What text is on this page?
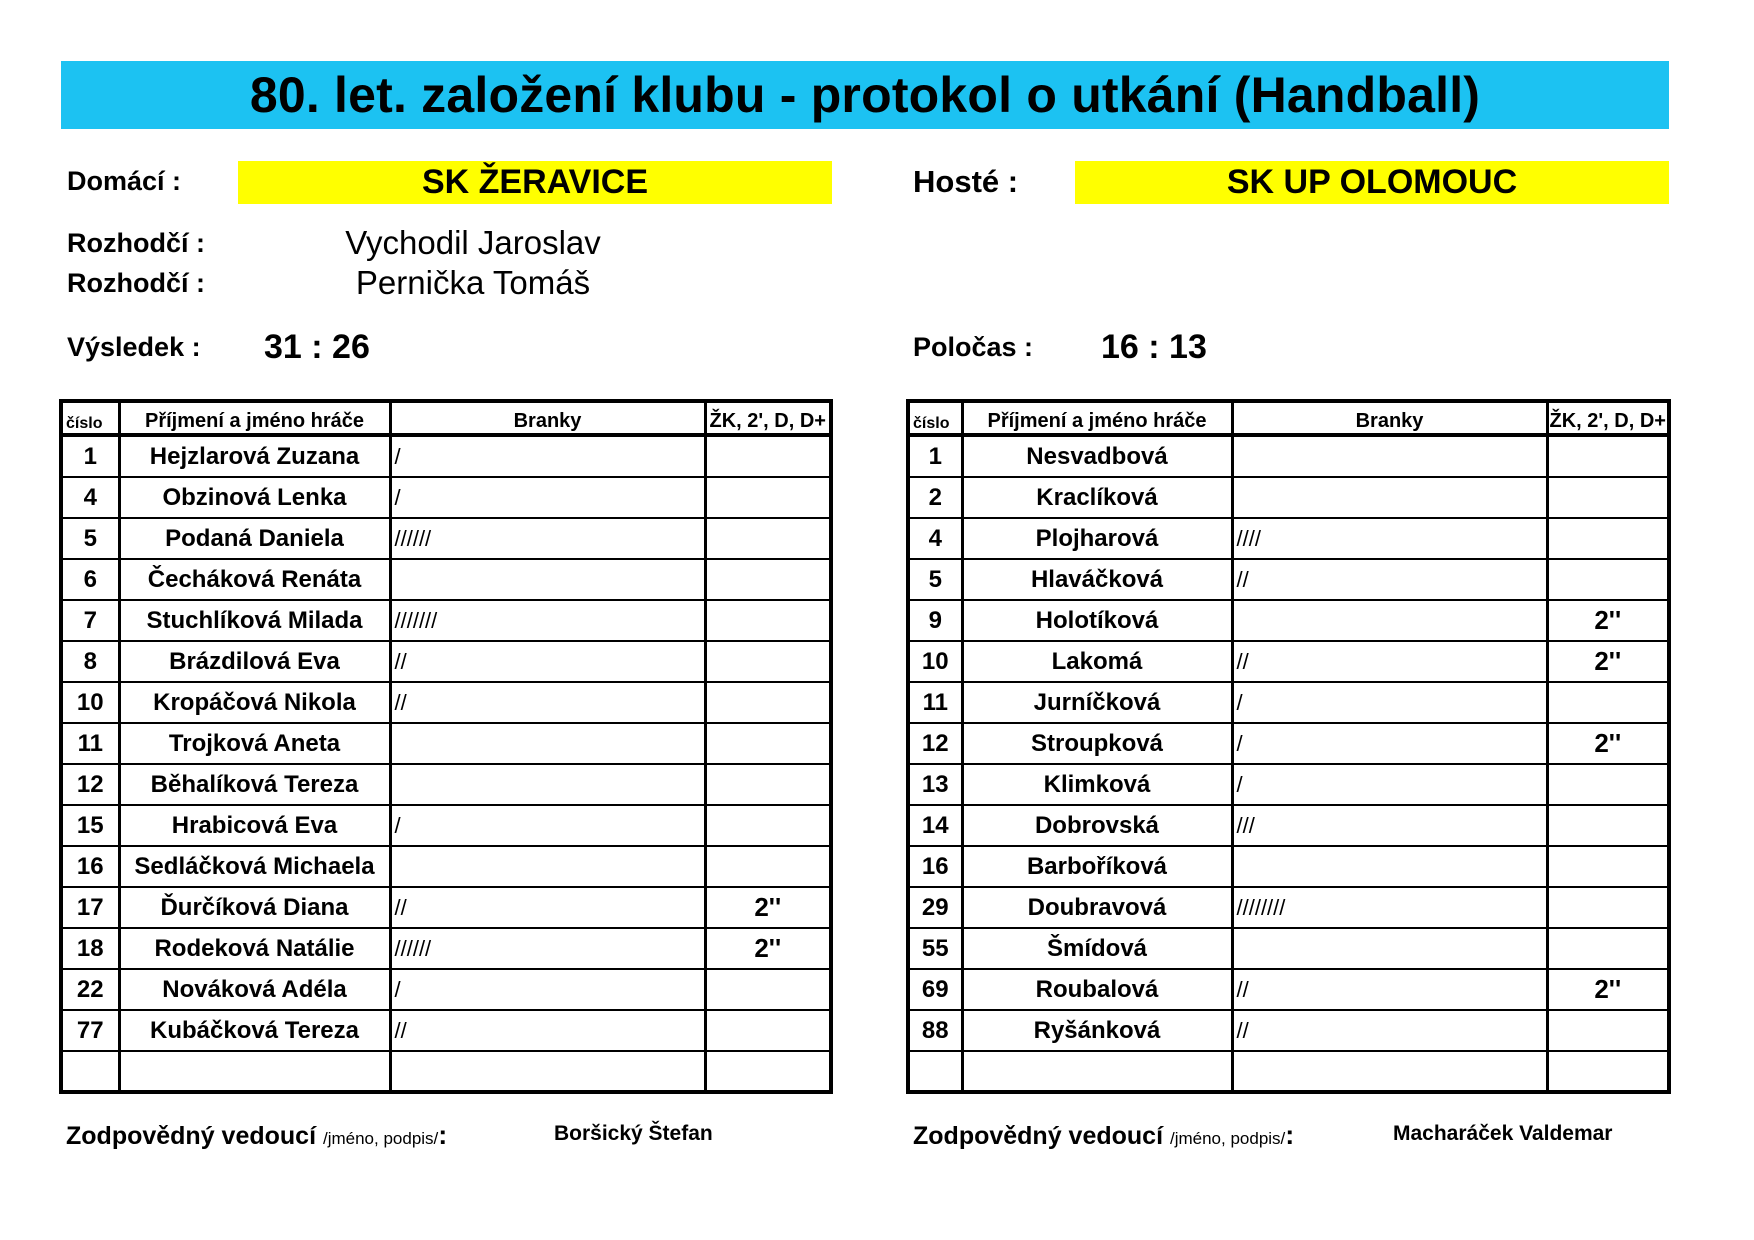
80. let. založení klubu - protokol o utkání (Handball)
Domácí :	SK ŽERAVICE	Hosté :	SK UP OLOMOUC
Rozhodčí :	Vychodil Jaroslav
Rozhodčí :	Pernička Tomáš
Výsledek : 31 : 26	Poločas : 16 : 13
číslo	Příjmení a jméno hráče	Branky	ŽK, 2', D, D+
1	Hejzlarová Zuzana	/	
4	Obzinová Lenka	/	
5	Podaná Daniela	//////	
6	Čecháková Renáta		
7	Stuchlíková Milada	///////	
8	Brázdilová Eva	//	
10	Kropáčová Nikola	//	
11	Trojková Aneta		
12	Běhalíková Tereza		
15	Hrabicová Eva	/	
16	Sedláčková Michaela		
17	Ďurčíková Diana	//	2''
18	Rodeková Natálie	//////	2''
22	Nováková Adéla	/	
77	Kubáčková Tereza	//	

číslo	Příjmení a jméno hráče	Branky	ŽK, 2', D, D+
1	Nesvadbová		
2	Kraclíková		
4	Plojharová	////	
5	Hlaváčková	//	
9	Holotíková		2''
10	Lakomá	//	2''
11	Jurníčková	/	
12	Stroupková	/	2''
13	Klimková	/	
14	Dobrovská	///	
16	Barboříková		
29	Doubravová	////////	
55	Šmídová		
69	Roubalová	//	2''
88	Ryšánková	//	

Zodpovědný vedoucí /jméno, podpis/:	Boršický Štefan	Zodpovědný vedoucí /jméno, podpis/:	Macharáček Valdemar
